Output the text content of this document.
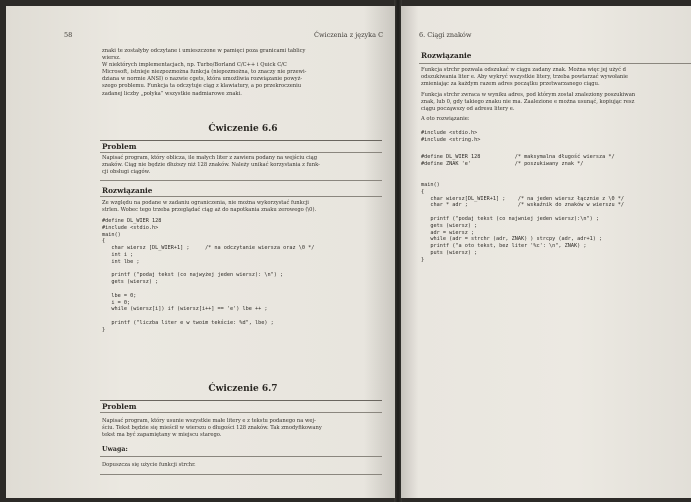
58	Ćwiczenia z języka C
znaki te zostałyby odczytane i umieszczone w pamięci poza granicami tablicy
wiersz.
W niektórych implementacjach, np. Turbo/Borland C/C++ i Quick C/C
Microsoft, istnieje niezpozmożna funkcja (niepozmożna, to znaczy nie przewi-
dziana w normie ANSI) o nazwie cgets, która umożliwia rozwiązanie powyż-
szego problemu. Funkcja ta odczytuje ciąg z klawiatury, a po przekroczeniu
zadanej liczby „połyka” wszystkie nadmiarowe znaki.
Ćwiczenie 6.6
Problem
Napisać program, który oblicza, ile małych liter z zawiera podany na wejściu ciąg
znaków. Ciąg nie będzie dłuższy niż 128 znaków. Należy unikać korzystania z funk-
cji obsługi ciągów.
Rozwiązanie
Ze względu na podane w zadaniu ograniczenia, nie można wykorzystać funkcji
strlen. Wobec tego trzeba przeglądać ciąg aż do napotkania znaku zerowego (\0).
#define DL_WIER 128
#include <stdio.h>
main()
{
char wiersz [DL_WIER+1] ;     /* na odczytanie wiersza oraz \0 */
int i ;
int lbe ;

printf ("podaj tekst (co najwyżej jeden wiersz): \n") ;
gets (wiersz) ;

lbe = 0;
i = 0;
while (wiersz[i]) if (wiersz[i++] == 'e') lbe ++ ;

printf ("liczba liter e w twoim tekście: %d", lbe) ;
}
Ćwiczenie 6.7
Problem
Napisać program, który usunie wszystkie małe litery e z tekstu podanego na wej-
ściu. Tekst będzie się mieścił w wierszu o długości 128 znaków. Tak zmodyfikowany
tekst ma być zapamiętany w miejscu starego.
Uwaga:
Dopuszcza się użycie funkcji strchr.
6. Ciągi znaków
Rozwiązanie
Funkcja strchr pozwala odszukać w ciągu zadany znak. Można więc jej użyć d
odszukiwania liter e. Aby wykryć wszystkie litery, trzeba powtarzać wywołanie
zmieniając za każdym razem adres początku przetwarzanego ciągu.
Funkcja strchr zwraca w wyniku adres, pod którym został znaleziony poszukiwan
znak, lub 0, gdy takiego znaku nie ma. Zaalezione e można usunąć, kopiując resz
ciągu począwszy od adresu litery e.
A oto rozwiązanie:
#include <stdio.h>
#include <string.h>
#define DL_WIER 128           /* maksymalna długość wiersza */
#define ZNAK 'e'              /* poszukiwany znak */
main()
{
char wiersz[DL_WIER+1] ;    /* na jeden wiersz łącznie z \0 */
char * adr ;                /* wskaźnik do znaków w wierszu */

printf ("podaj tekst (co najwniej jeden wiersz):\n") ;
gets (wiersz) ;
adr = wiersz ;
while (adr = strchr (adr, ZNAK) ) strcpy (adr, adr+1) ;
printf ("a oto tekst, bez liter '%c': \n", ZNAK) ;
puts (wiersz) ;
}
